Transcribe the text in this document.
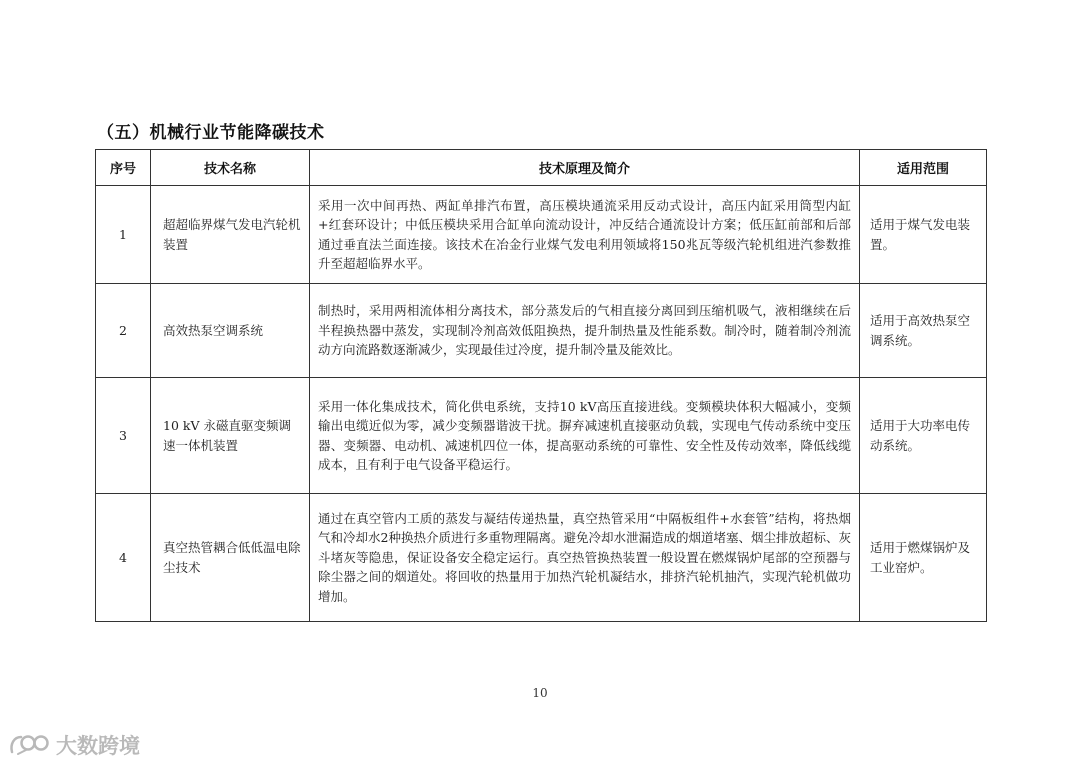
（五）机械行业节能降碳技术
序号	技术名称	技术原理及简介	适用范围
1	超超临界煤气发电汽轮机装置	采用一次中间再热、两缸单排汽布置，高压模块通流采用反动式设计，高压内缸采用筒型内缸+红套环设计；中低压模块采用合缸单向流动设计，冲反结合通流设计方案；低压缸前部和后部通过垂直法兰面连接。该技术在冶金行业煤气发电利用领域将150兆瓦等级汽轮机组进汽参数推升至超超临界水平。	适用于煤气发电装置。
2	高效热泵空调系统	制热时，采用两相流体相分离技术，部分蒸发后的气相直接分离回到压缩机吸气，液相继续在后半程换热器中蒸发，实现制冷剂高效低阻换热，提升制热量及性能系数。制冷时，随着制冷剂流动方向流路数逐渐减少，实现最佳过冷度，提升制冷量及能效比。	适用于高效热泵空调系统。
3	10 kV 永磁直驱变频调速一体机装置	采用一体化集成技术，简化供电系统，支持10 kV高压直接进线。变频模块体积大幅减小，变频输出电缆近似为零，减少变频器谐波干扰。摒弃减速机直接驱动负载，实现电气传动系统中变压器、变频器、电动机、减速机四位一体，提高驱动系统的可靠性、安全性及传动效率，降低线缆成本，且有利于电气设备平稳运行。	适用于大功率电传动系统。
4	真空热管耦合低低温电除尘技术	通过在真空管内工质的蒸发与凝结传递热量，真空热管采用“中隔板组件+水套管”结构，将热烟气和冷却水2种换热介质进行多重物理隔离。避免冷却水泄漏造成的烟道堵塞、烟尘排放超标、灰斗堵灰等隐患，保证设备安全稳定运行。真空热管换热装置一般设置在燃煤锅炉尾部的空预器与除尘器之间的烟道处。将回收的热量用于加热汽轮机凝结水，排挤汽轮机抽汽，实现汽轮机做功增加。	适用于燃煤锅炉及工业窑炉。
10
大数跨境
